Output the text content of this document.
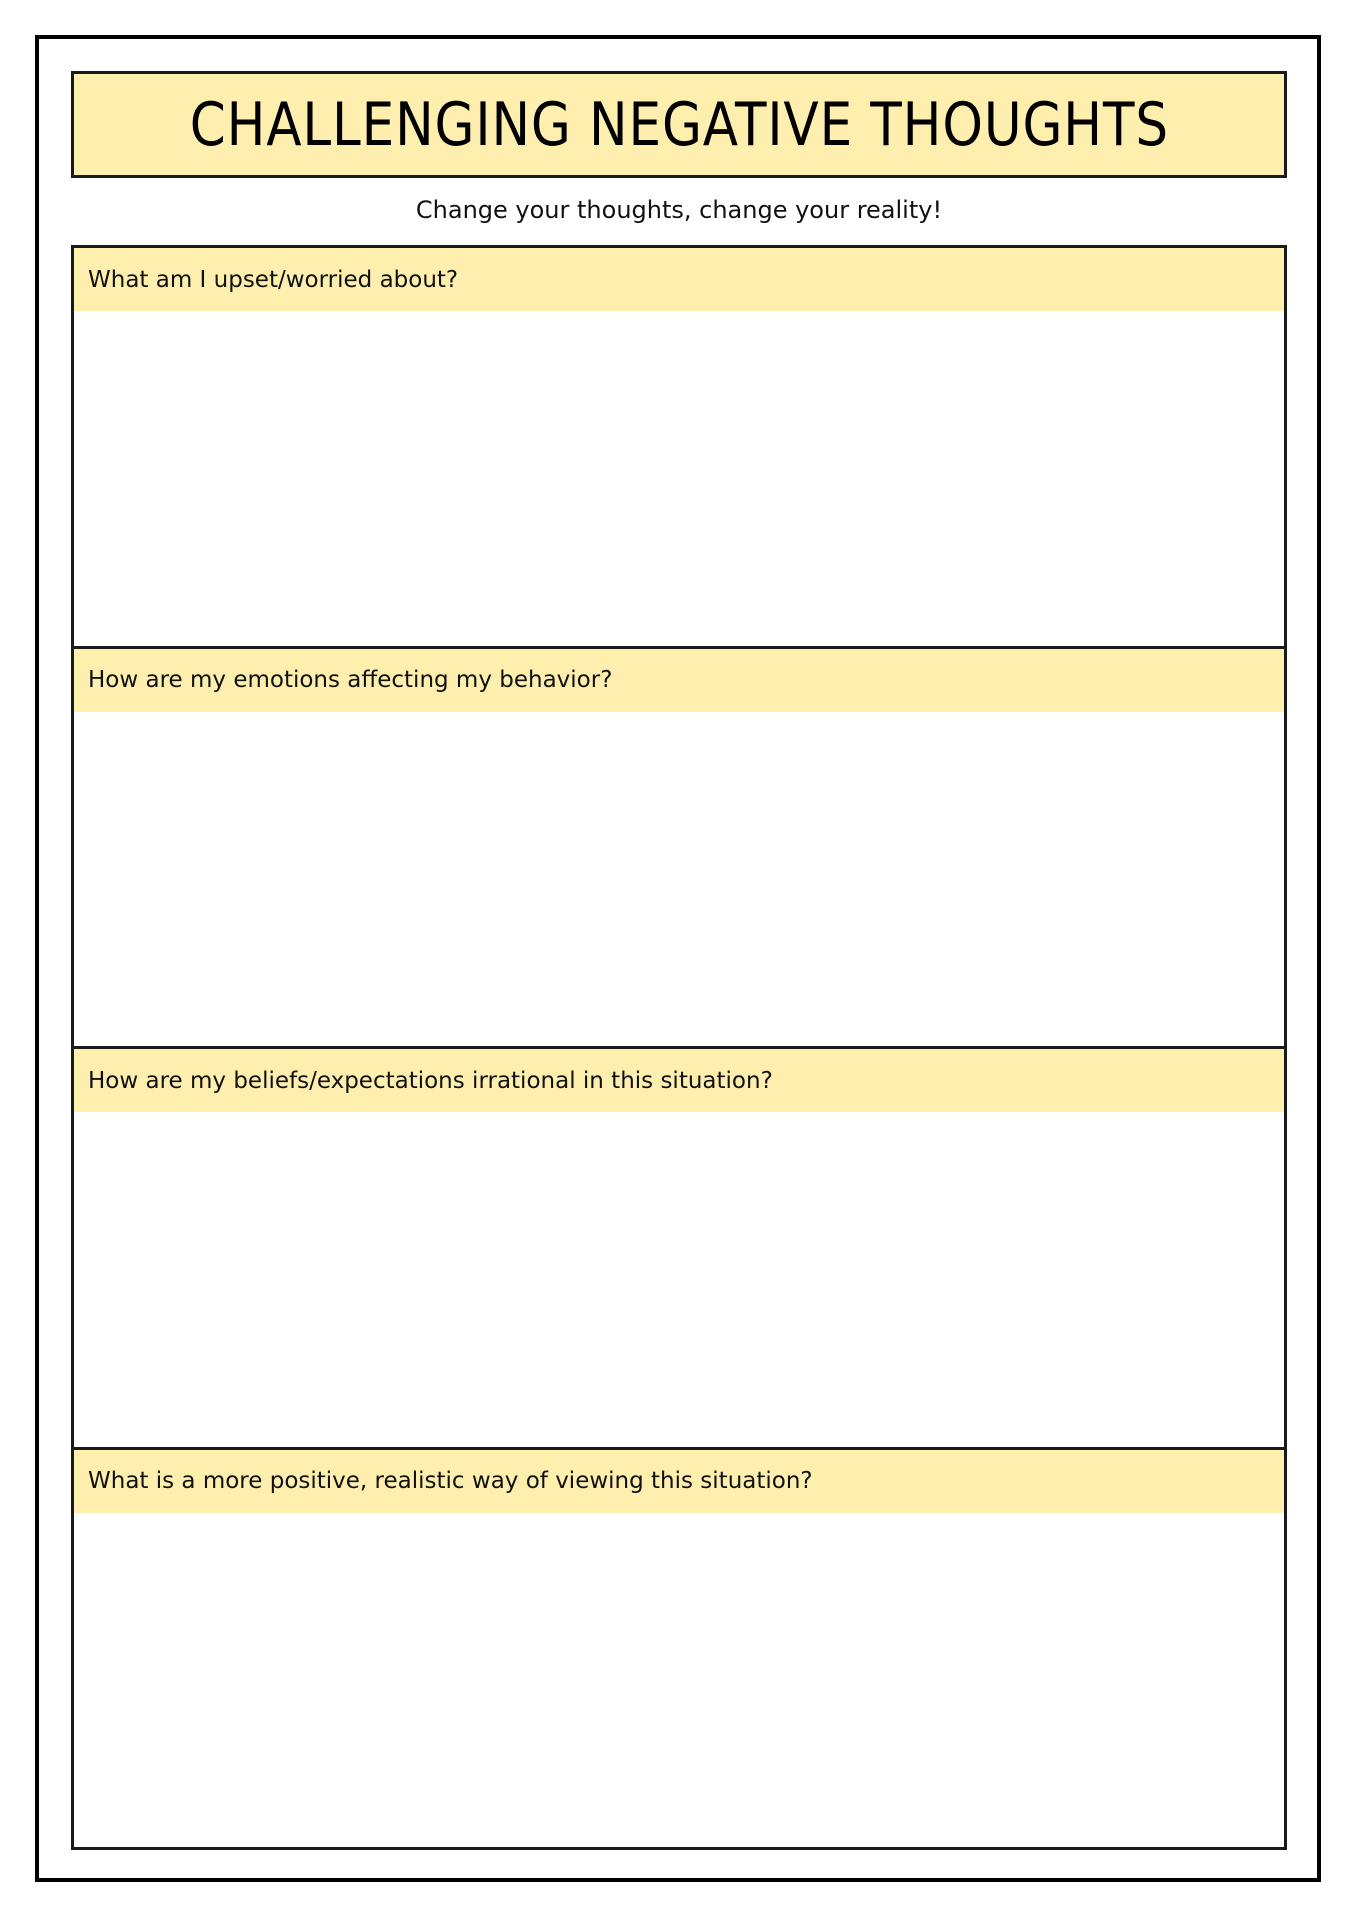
CHALLENGING NEGATIVE THOUGHTS
Change your thoughts, change your reality!
What am I upset/worried about?
How are my emotions affecting my behavior?
How are my beliefs/expectations irrational in this situation?
What is a more positive, realistic way of viewing this situation?
